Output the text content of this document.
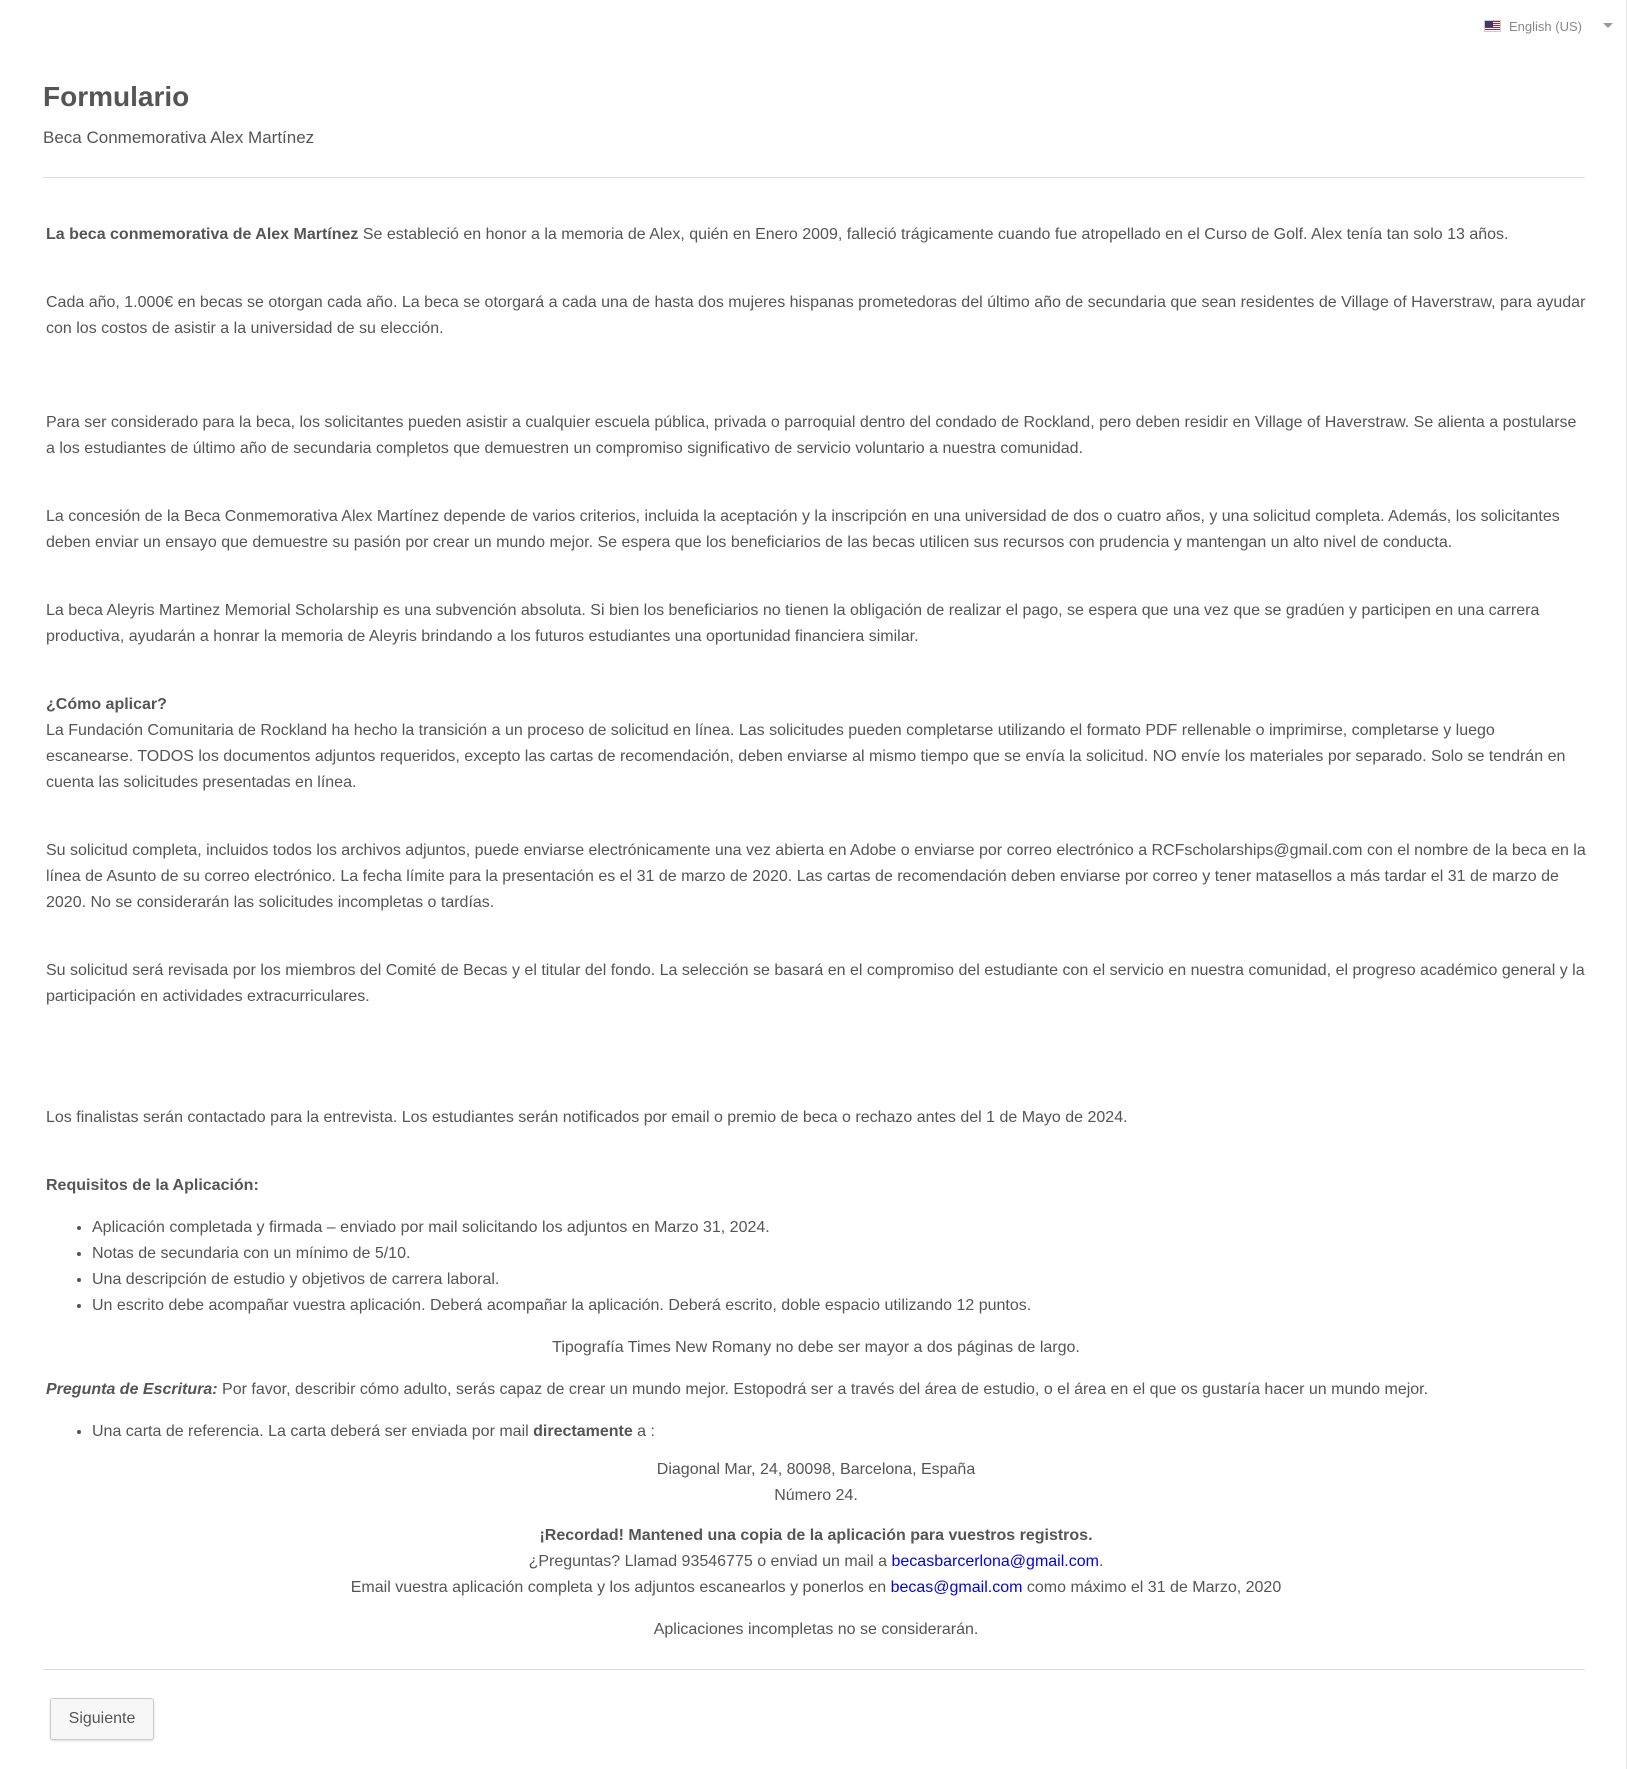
English (US)
Formulario
Beca Conmemorativa Alex Martínez

La beca conmemorativa de Alex Martínez Se estableció en honor a la memoria de Alex, quién en Enero 2009, falleció trágicamente cuando fue atropellado en el Curso de Golf. Alex tenía tan solo 13 años.

Cada año, 1.000€ en becas se otorgan cada año. La beca se otorgará a cada una de hasta dos mujeres hispanas prometedoras del último año de secundaria que sean residentes de Village of Haverstraw, para ayudar con los costos de asistir a la universidad de su elección.

Para ser considerado para la beca, los solicitantes pueden asistir a cualquier escuela pública, privada o parroquial dentro del condado de Rockland, pero deben residir en Village of Haverstraw. Se alienta a postularse a los estudiantes de último año de secundaria completos que demuestren un compromiso significativo de servicio voluntario a nuestra comunidad.

La concesión de la Beca Conmemorativa Alex Martínez depende de varios criterios, incluida la aceptación y la inscripción en una universidad de dos o cuatro años, y una solicitud completa. Además, los solicitantes deben enviar un ensayo que demuestre su pasión por crear un mundo mejor. Se espera que los beneficiarios de las becas utilicen sus recursos con prudencia y mantengan un alto nivel de conducta.

La beca Aleyris Martinez Memorial Scholarship es una subvención absoluta. Si bien los beneficiarios no tienen la obligación de realizar el pago, se espera que una vez que se gradúen y participen en una carrera productiva, ayudarán a honrar la memoria de Aleyris brindando a los futuros estudiantes una oportunidad financiera similar.

¿Cómo aplicar?

La Fundación Comunitaria de Rockland ha hecho la transición a un proceso de solicitud en línea. Las solicitudes pueden completarse utilizando el formato PDF rellenable o imprimirse, completarse y luego escanearse. TODOS los documentos adjuntos requeridos, excepto las cartas de recomendación, deben enviarse al mismo tiempo que se envía la solicitud. NO envíe los materiales por separado. Solo se tendrán en cuenta las solicitudes presentadas en línea.

Su solicitud completa, incluidos todos los archivos adjuntos, puede enviarse electrónicamente una vez abierta en Adobe o enviarse por correo electrónico a RCFscholarships@gmail.com con el nombre de la beca en la línea de Asunto de su correo electrónico. La fecha límite para la presentación es el 31 de marzo de 2020. Las cartas de recomendación deben enviarse por correo y tener matasellos a más tardar el 31 de marzo de 2020. No se considerarán las solicitudes incompletas o tardías.

Su solicitud será revisada por los miembros del Comité de Becas y el titular del fondo. La selección se basará en el compromiso del estudiante con el servicio en nuestra comunidad, el progreso académico general y la participación en actividades extracurriculares.

Los finalistas serán contactado para la entrevista. Los estudiantes serán notificados por email o premio de beca o rechazo antes del 1 de Mayo de 2024.

Requisitos de la Aplicación:

• Aplicación completada y firmada – enviado por mail solicitando los adjuntos en Marzo 31, 2024.
• Notas de secundaria con un mínimo de 5/10.
• Una descripción de estudio y objetivos de carrera laboral.
• Un escrito debe acompañar vuestra aplicación. Deberá acompañar la aplicación. Deberá escrito, doble espacio utilizando 12 puntos.

Tipografía Times New Romany no debe ser mayor a dos páginas de largo.

Pregunta de Escritura: Por favor, describir cómo adulto, serás capaz de crear un mundo mejor. Estopodrá ser a través del área de estudio, o el área en el que os gustaría hacer un mundo mejor.

• Una carta de referencia. La carta deberá ser enviada por mail directamente a :

Diagonal Mar, 24, 80098, Barcelona, España

Número 24.

¡Recordad! Mantened una copia de la aplicación para vuestros registros.

¿Preguntas? Llamad 93546775 o enviad un mail a becasbarcerlona@gmail.com.

Email vuestra aplicación completa y los adjuntos escanearlos y ponerlos en becas@gmail.com como máximo el 31 de Marzo, 2020

Aplicaciones incompletas no se considerarán.

Siguiente
